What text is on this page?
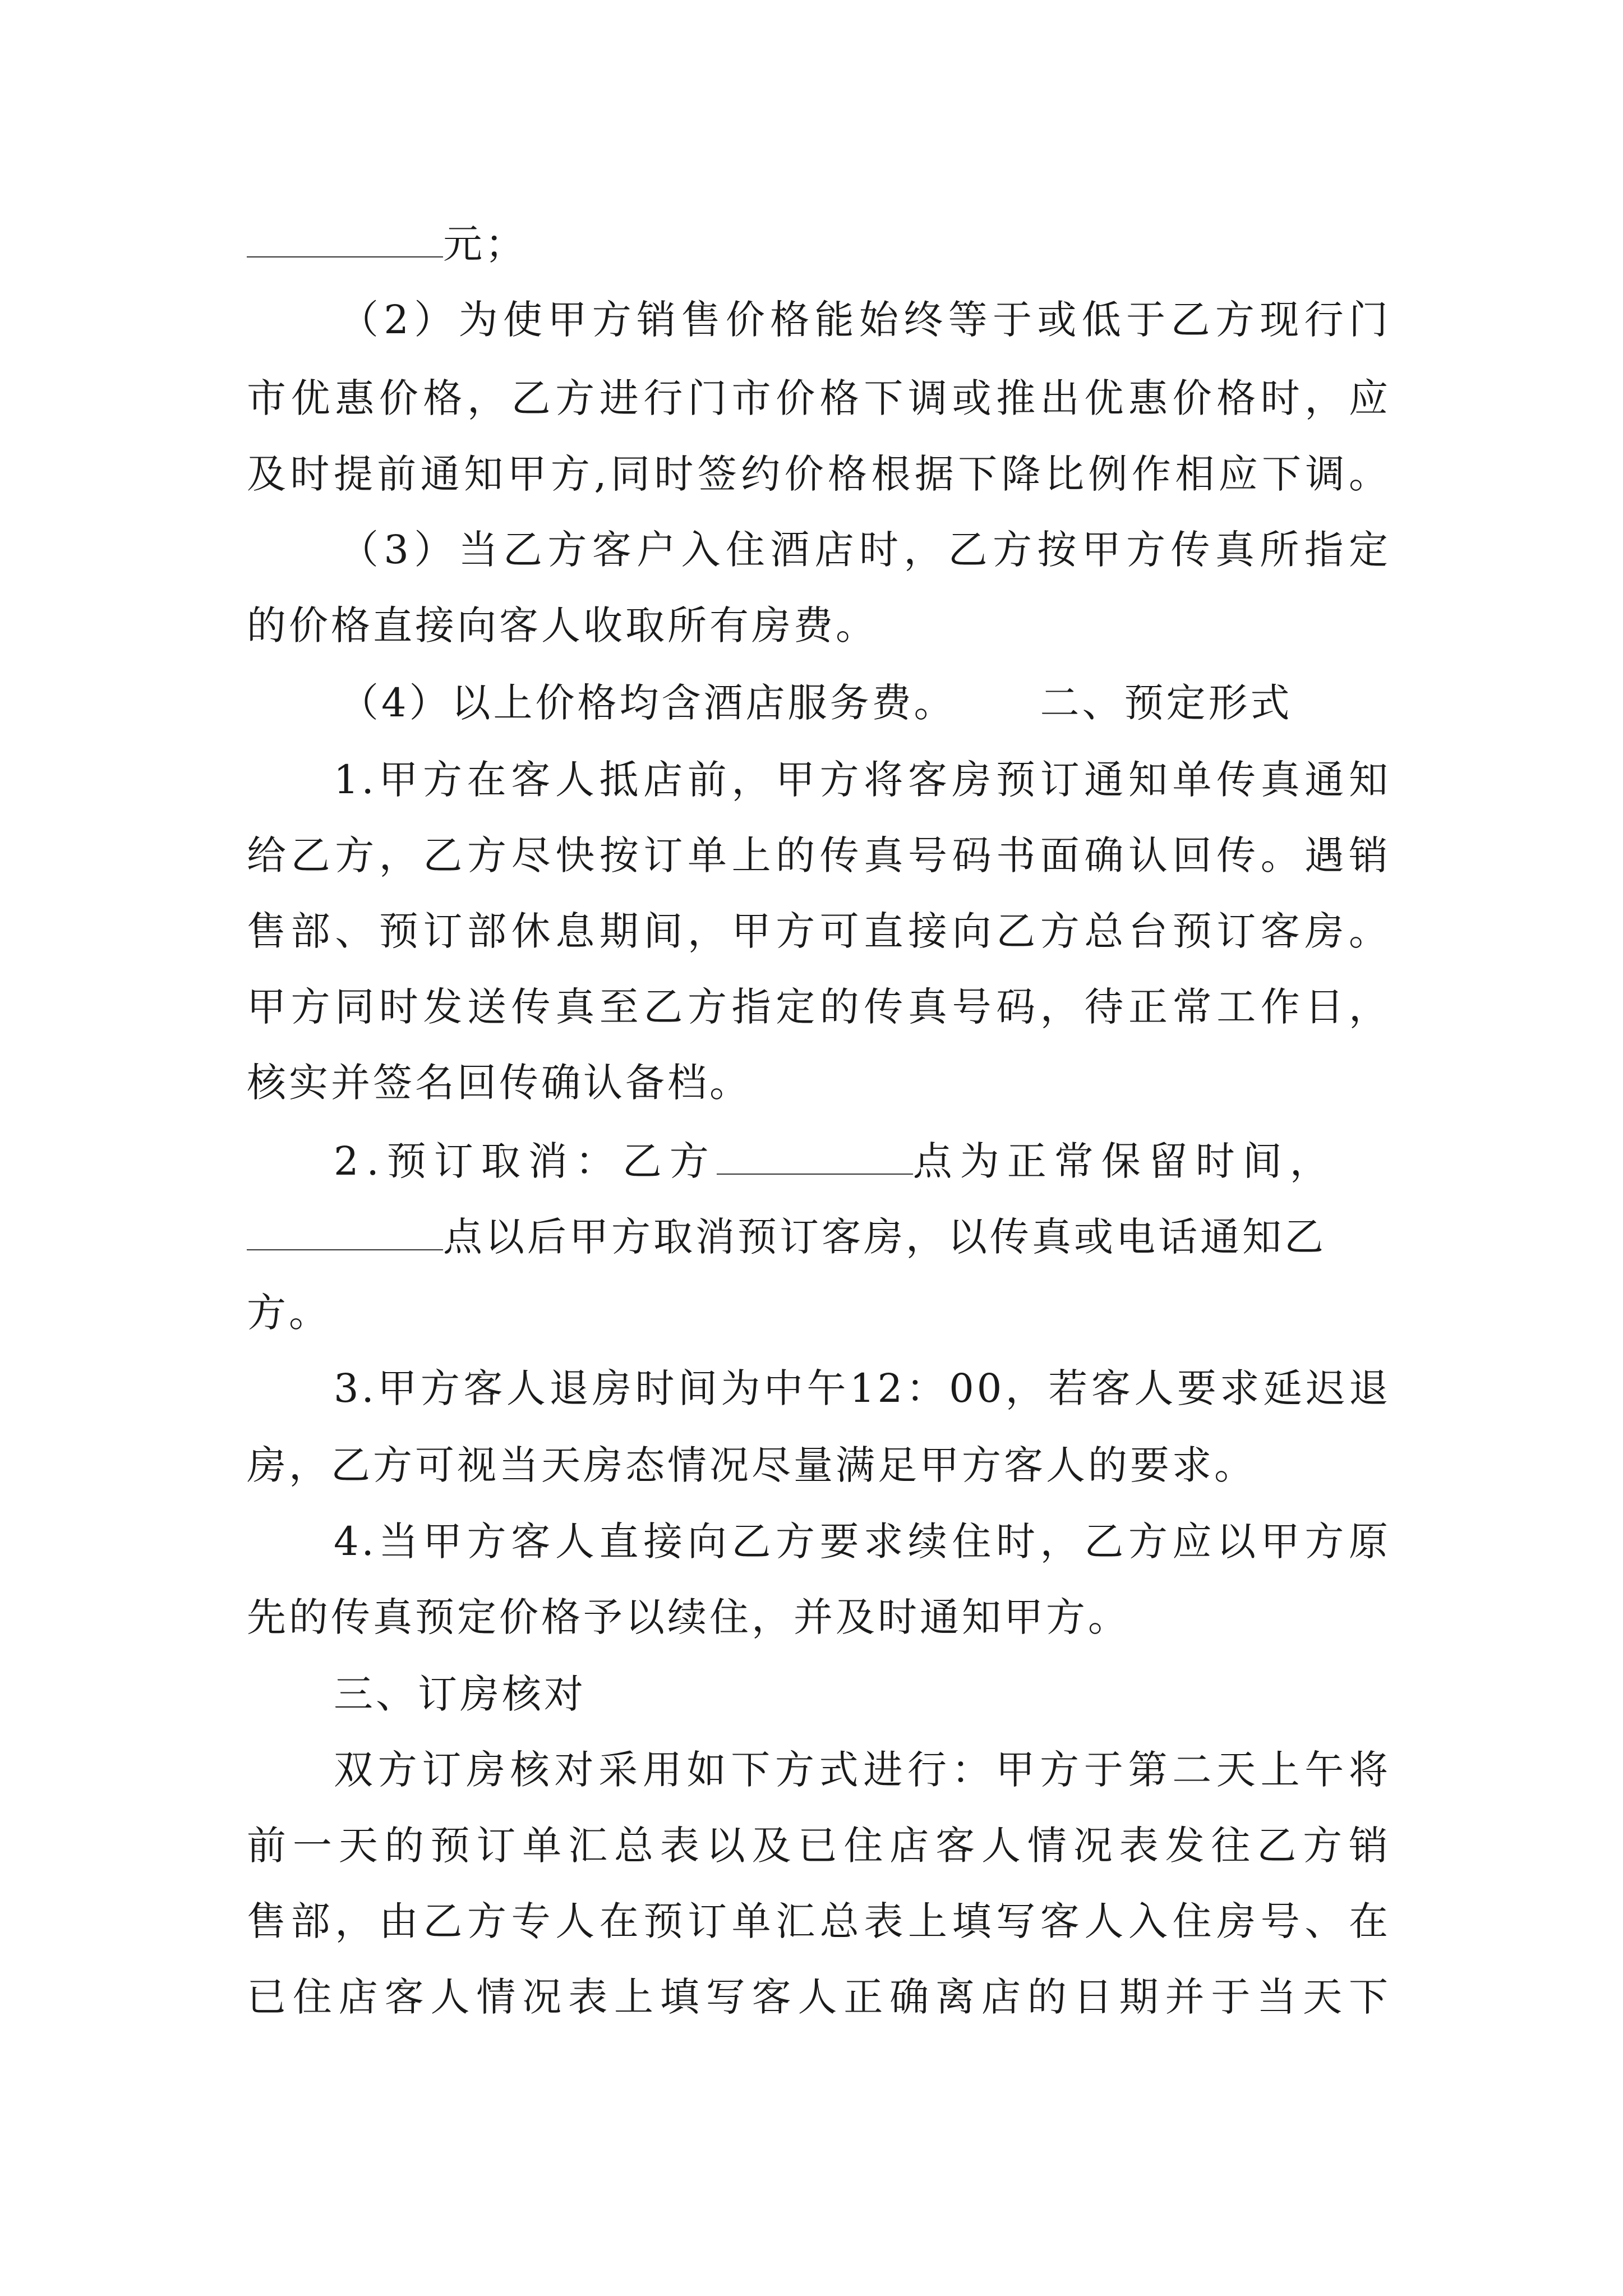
元；
（2）为使甲方销售价格能始终等于或低于乙方现行门
市优惠价格，乙方进行门市价格下调或推出优惠价格时，应
及时提前通知甲方,同时签约价格根据下降比例作相应下调。
（3）当乙方客户入住酒店时，乙方按甲方传真所指定
的价格直接向客人收取所有房费。
（4）以上价格均含酒店服务费。 二、预定形式
1.甲方在客人抵店前，甲方将客房预订通知单传真通知
给乙方，乙方尽快按订单上的传真号码书面确认回传。遇销
售部、预订部休息期间，甲方可直接向乙方总台预订客房。
甲方同时发送传真至乙方指定的传真号码，待正常工作日，
核实并签名回传确认备档。
2.预订取消：乙方	点为正常保留时间，
点以后甲方取消预订客房，以传真或电话通知乙
方。
3.甲方客人退房时间为中午12：00，若客人要求延迟退
房，乙方可视当天房态情况尽量满足甲方客人的要求。
4.当甲方客人直接向乙方要求续住时，乙方应以甲方原
先的传真预定价格予以续住，并及时通知甲方。
三、订房核对
双方订房核对采用如下方式进行：甲方于第二天上午将
前一天的预订单汇总表以及已住店客人情况表发往乙方销
售部，由乙方专人在预订单汇总表上填写客人入住房号、在
已住店客人情况表上填写客人正确离店的日期并于当天下
